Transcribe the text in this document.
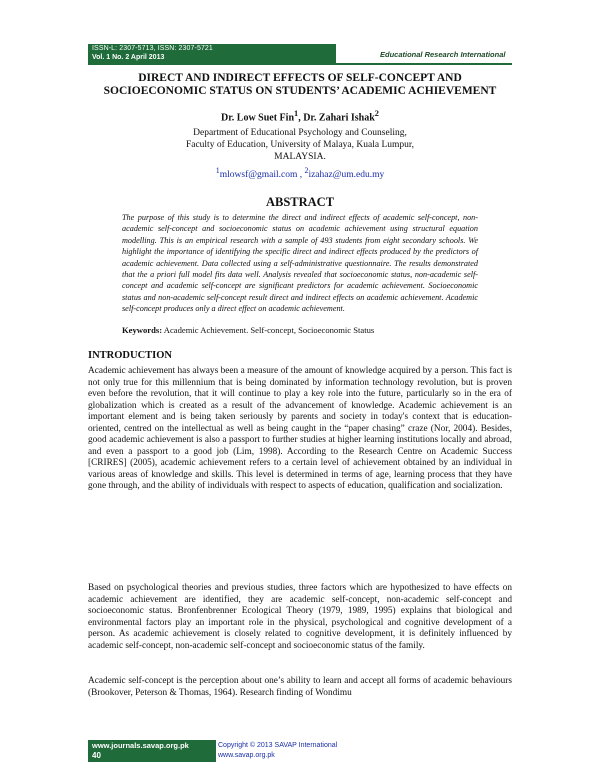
ISSN-L: 2307-5713, ISSN: 2307-5721
Vol. 1 No. 2 April 2013	Educational Research International
DIRECT AND INDIRECT EFFECTS OF SELF-CONCEPT AND
SOCIOECONOMIC STATUS ON STUDENTS’ ACADEMIC ACHIEVEMENT
Dr. Low Suet Fin$^1$, Dr. Zahari Ishak$^2$
Department of Educational Psychology and Counseling,
Faculty of Education, University of Malaya, Kuala Lumpur,
MALAYSIA.
$^1$mlowsf@gmail.com , $^2$izahaz@um.edu.my
ABSTRACT
The purpose of this study is to determine the direct and indirect effects of academic self-concept, non-academic self-concept and socioeconomic status on academic achievement using structural equation modelling. This is an empirical research with a sample of 493 students from eight secondary schools. We highlight the importance of identifying the specific direct and indirect effects produced by the predictors of academic achievement. Data collected using a self-administrative questionnaire. The results demonstrated that the a priori full model fits data well. Analysis revealed that socioeconomic status, non-academic self-concept and academic self-concept are significant predictors for academic achievement. Socioeconomic status and non-academic self-concept result direct and indirect effects on academic achievement. Academic self-concept produces only a direct effect on academic achievement.
Keywords: Academic Achievement. Self-concept, Socioeconomic Status
INTRODUCTION
Academic achievement has always been a measure of the amount of knowledge acquired by a person. This fact is not only true for this millennium that is being dominated by information technology revolution, but is proven even before the revolution, that it will continue to play a key role into the future, particularly so in the era of globalization which is created as a result of the advancement of knowledge. Academic achievement is an important element and is being taken seriously by parents and society in today's context that is education-oriented, centred on the intellectual as well as being caught in the “paper chasing” craze (Nor, 2004). Besides, good academic achievement is also a passport to further studies at higher learning institutions locally and abroad, and even a passport to a good job (Lim, 1998). According to the Research Centre on Academic Success [CRIRES] (2005), academic achievement refers to a certain level of achievement obtained by an individual in various areas of knowledge and skills. This level is determined in terms of age, learning process that they have gone through, and the ability of individuals with respect to aspects of education, qualification and socialization.
Based on psychological theories and previous studies, three factors which are hypothesized to have effects on academic achievement are identified, they are academic self-concept, non-academic self-concept and socioeconomic status. Bronfenbrenner Ecological Theory (1979, 1989, 1995) explains that biological and environmental factors play an important role in the physical, psychological and cognitive development of a person. As academic achievement is closely related to cognitive development, it is definitely influenced by academic self-concept, non-academic self-concept and socioeconomic status of the family.
Academic self-concept is the perception about one’s ability to learn and accept all forms of academic behaviours (Brookover, Peterson & Thomas, 1964). Research finding of Wondimu
www.journals.savap.org.pk
40
Copyright © 2013 SAVAP International
www.savap.org.pk
